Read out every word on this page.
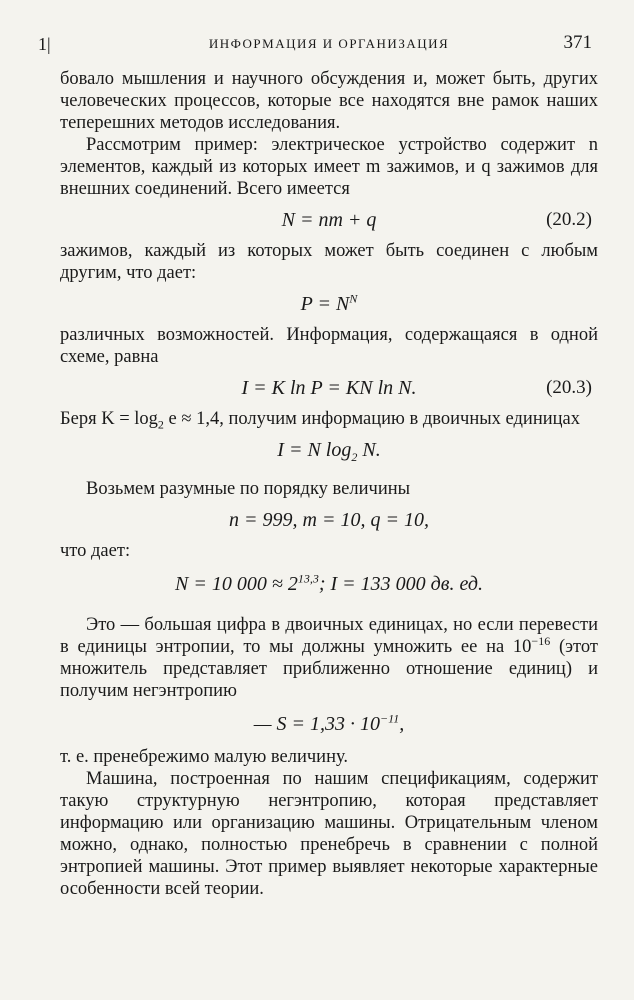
1|	ИНФОРМАЦИЯ И ОРГАНИЗАЦИЯ	371

бовало мышления и научного обсуждения и, может быть, других человеческих процессов, которые все находятся вне рамок наших теперешних методов исследования.

Рассмотрим пример: электрическое устройство содержит n элементов, каждый из которых имеет m зажимов, и q зажимов для внешних соединений. Всего имеется

N = nm + q	(20.2)

зажимов, каждый из которых может быть соединен с любым другим, что дает:

$P = N^N$

различных возможностей. Информация, содержащаяся в одной схеме, равна

I = K ln P = KN ln N.	(20.3)

Беря $K = \log_2 e \approx 1,4$, получим информацию в двоичных единицах

I = N $\log_2 N$.

Возьмем разумные по порядку величины

n = 999, m = 10, q = 10,

что дает:

N = 10 $000 \approx 2^{13,3}$; I = 133 000 дв. ед.

Это — большая цифра в двоичных единицах, но если перевести в единицы энтропии, то мы должны умножить ее на $10^{-16}$ (этот множитель представляет приближенно отношение единиц) и получим негэнтропию

— $S = 1,33 \cdot 10^{-11}$,

т. е. пренебрежимо малую величину.

Машина, построенная по нашим спецификациям, содержит такую структурную негэнтропию, которая представляет информацию или организацию машины. Отрицательным членом можно, однако, полностью пренебречь в сравнении с полной энтропией машины. Этот пример выявляет некоторые характерные особенности всей теории.
